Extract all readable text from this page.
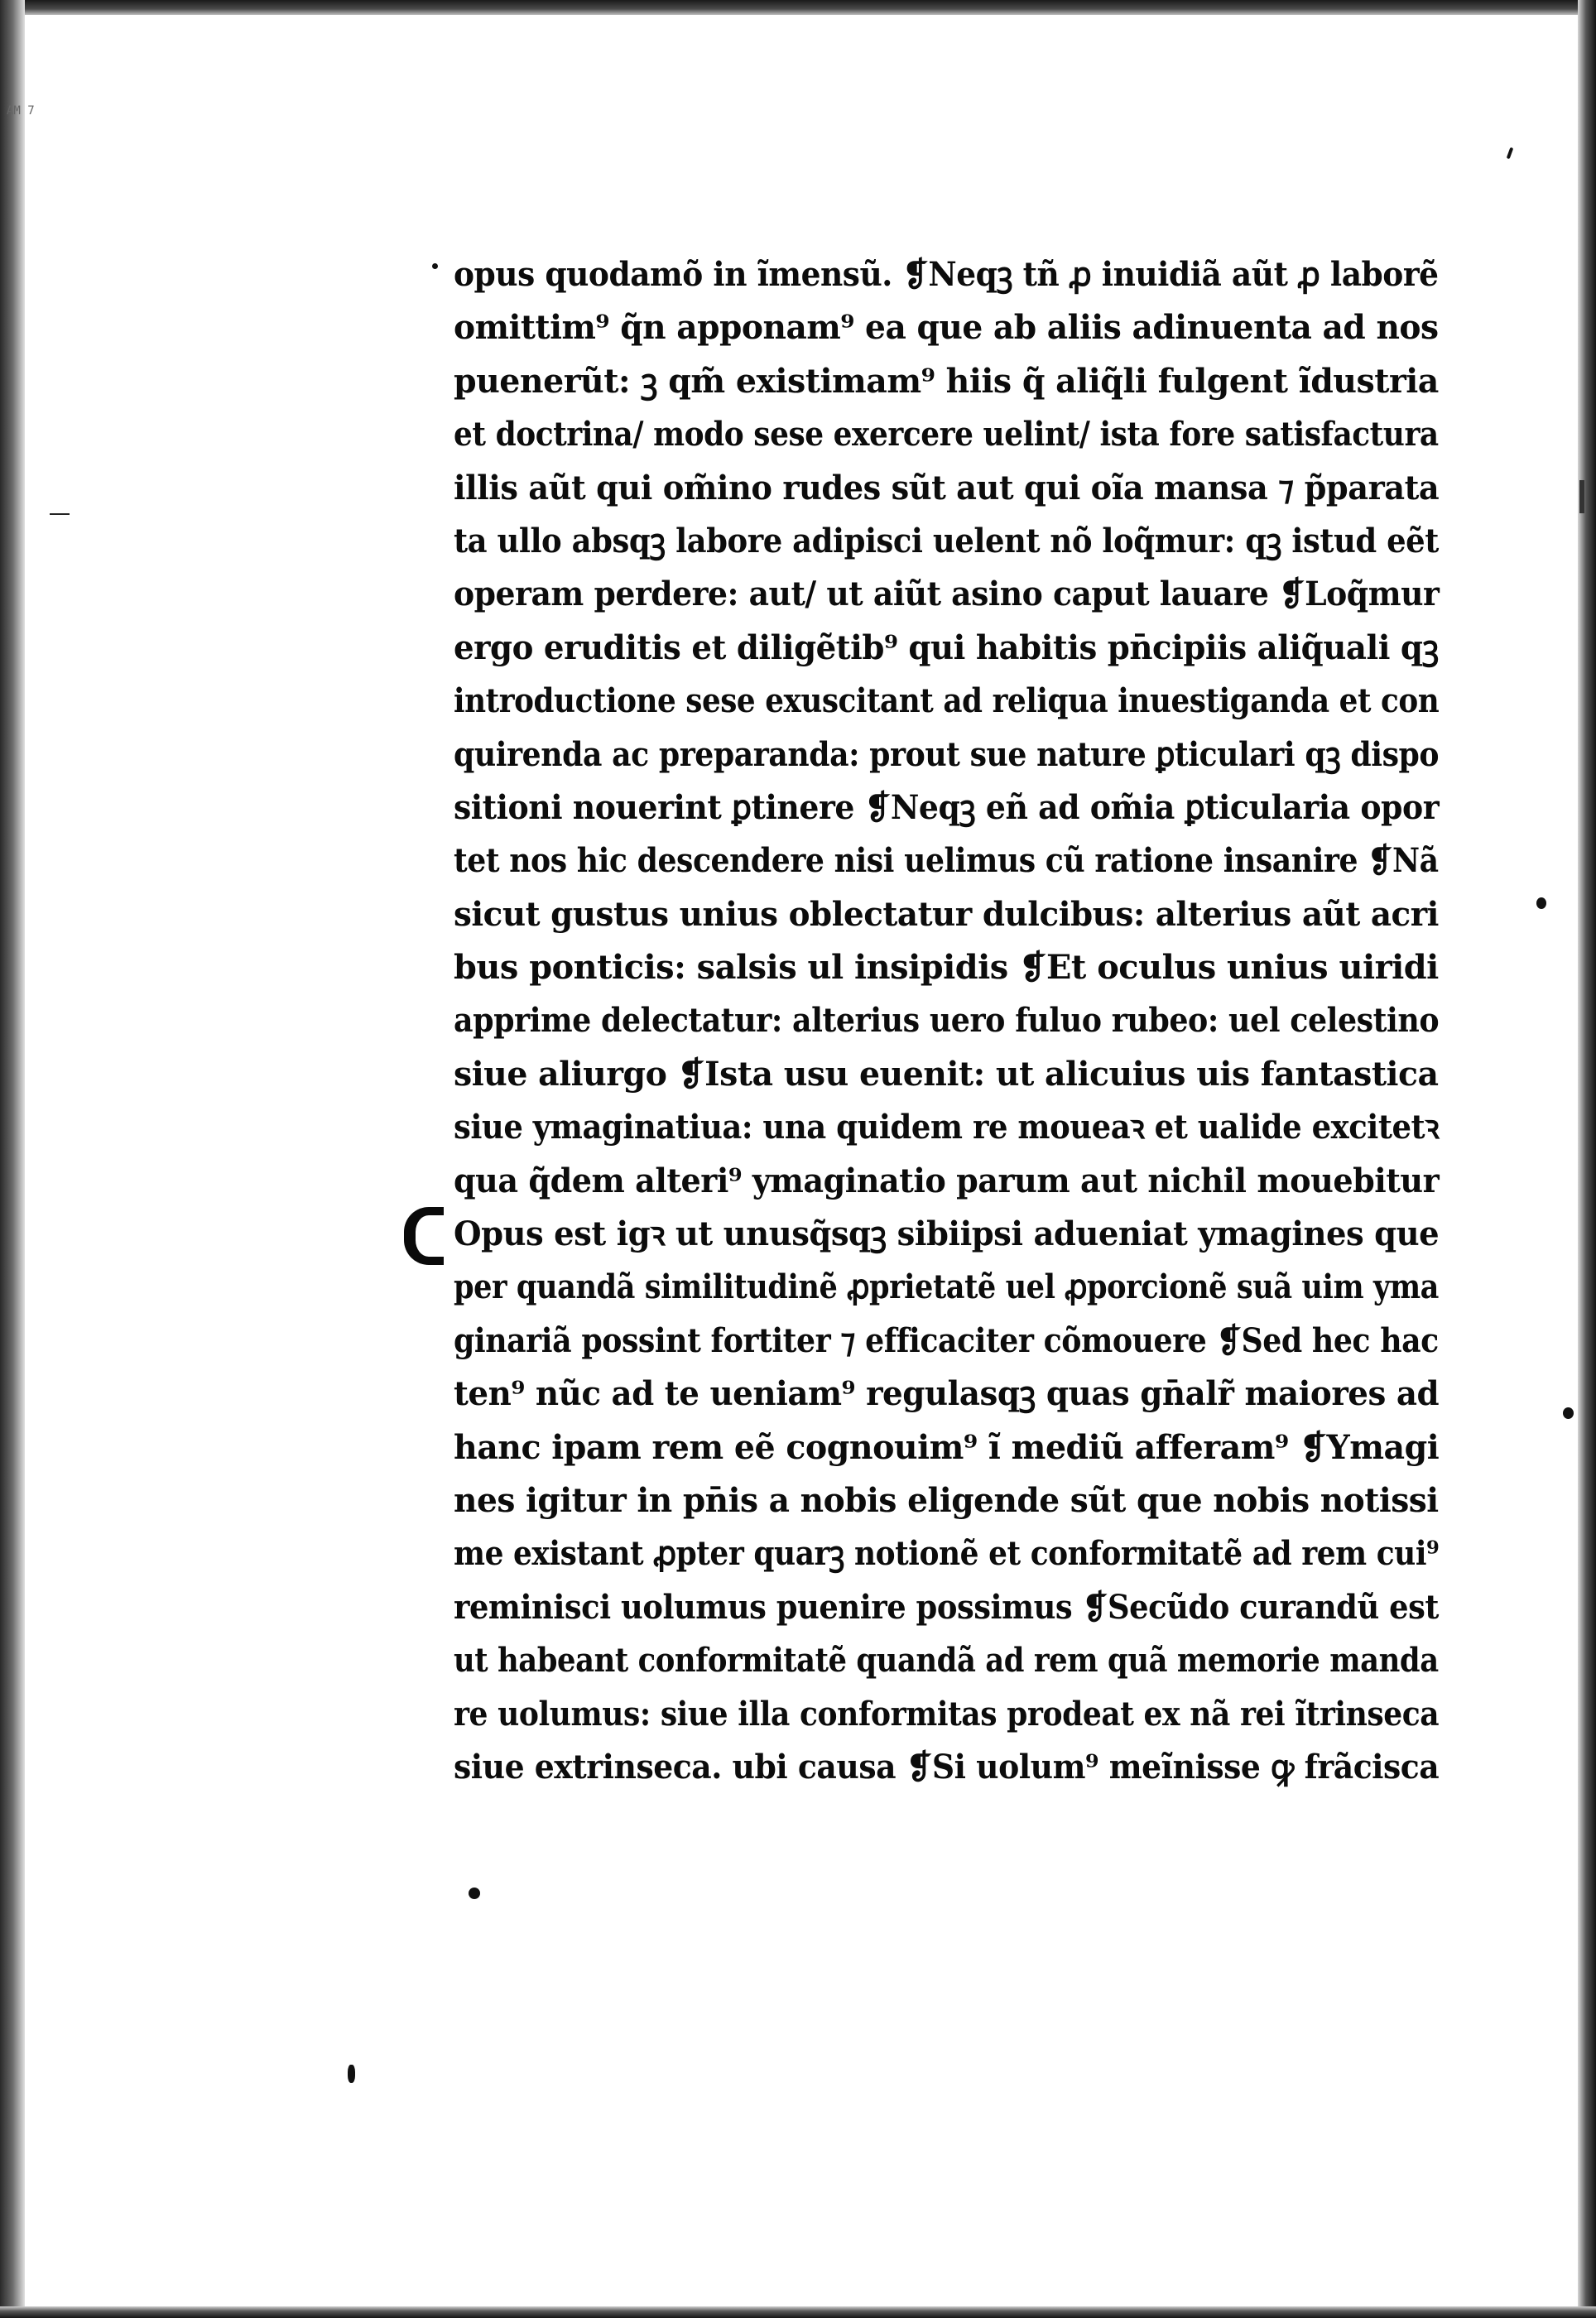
AM 7
opus quodamõ in ĩmensũ. ❡Neqꝫ tñ ꝓ inuidiã aũt ꝓ laborẽ
omittim⁹ q̃n apponam⁹ ea que ab aliis adinuenta ad nos
puenerũt: ꝫ qm̃ existimam⁹ hiis q̃ aliq̃li fulgent ĩdustria
et doctrina/ modo sese exercere uelint/ ista fore satisfactura
illis aũt qui om̃ino rudes sũt aut qui oĩa mansa ⁊ p̃parata
ta ullo absqꝫ labore adipisci uelent nõ loq̃mur: qꝫ istud eẽt
operam perdere: aut/ ut aiũt asino caput lauare ❡Loq̃mur
ergo eruditis et diligẽtib⁹ qui habitis pn̄cipiis aliq̃uali qꝫ
introductione sese exuscitant ad reliqua inuestiganda et con
quirenda ac preparanda: prout sue nature ꝑticulari qꝫ dispo
sitioni nouerint ꝑtinere ❡Neqꝫ eñ ad om̃ia ꝑticularia opor
tet nos hic descendere nisi uelimus cũ ratione insanire ❡Nã
sicut gustus unius oblectatur dulcibus: alterius aũt acri
bus ponticis: salsis ul insipidis ❡Et oculus unius uiridi
apprime delectatur: alterius uero fuluo rubeo: uel celestino
siue aliurgo ❡Ista usu euenit: ut alicuius uis fantastica
siue ymaginatiua: una quidem re moueaꝛ et ualide excitetꝛ
qua q̃dem alteri⁹ ymaginatio parum aut nichil mouebitur
Opus est igꝛ ut unusq̃sqꝫ sibiipsi adueniat ymagines que
per quandã similitudinẽ ꝓprietatẽ uel ꝓporcionẽ suã uim yma
ginariã possint fortiter ⁊ efficaciter cõmouere ❡Sed hec hac
ten⁹ nũc ad te ueniam⁹ regulasqꝫ quas gn̄alr̃ maiores ad
hanc ipam rem eẽ cognouim⁹ ĩ mediũ afferam⁹ ❡Ymagi
nes igitur in pn̄is a nobis eligende sũt que nobis notissi
me existant ꝓpter quarꝫ notionẽ et conformitatẽ ad rem cui⁹
reminisci uolumus puenire possimus ❡Secũdo curandũ est
ut habeant conformitatẽ quandã ad rem quã memorie manda
re uolumus: siue illa conformitas prodeat ex nã rei ĩtrinseca
siue extrinseca. ubi causa ❡Si uolum⁹ meĩnisse ꝙ frãcisca
